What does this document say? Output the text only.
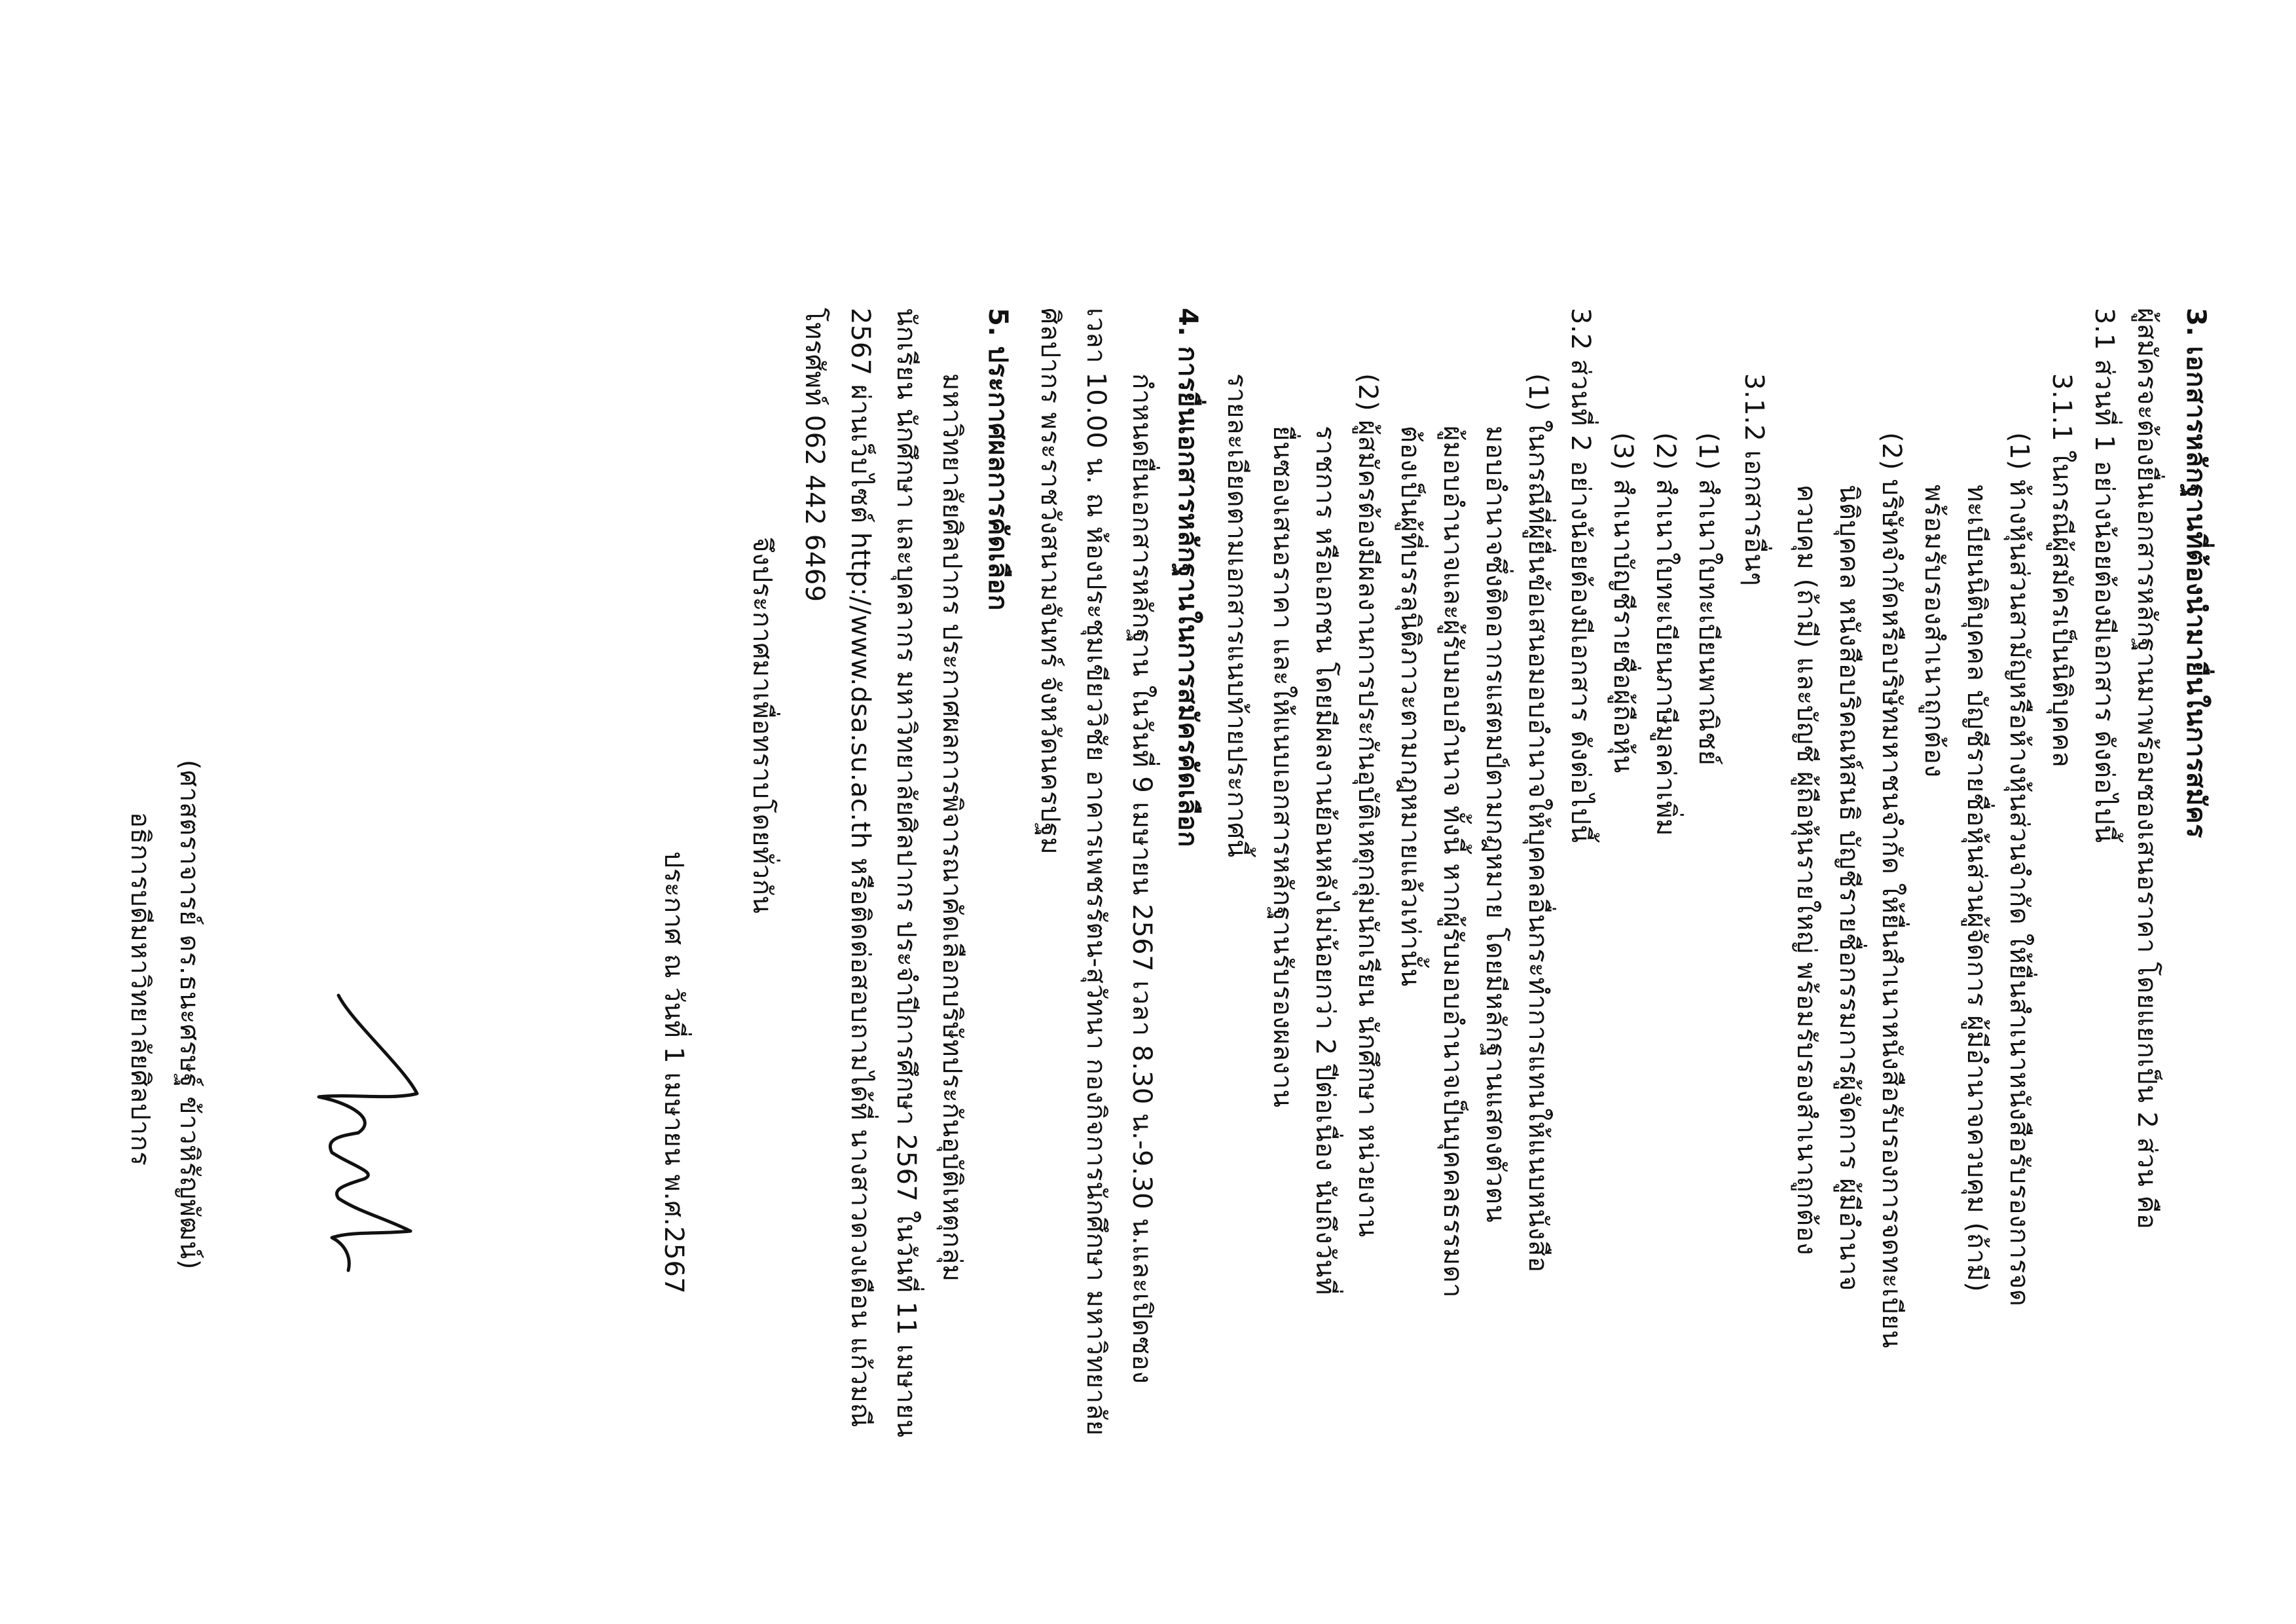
3. เอกสารหลักฐานที่ต้องนำมายื่นในการสมัคร
ผู้สมัครจะต้องยื่นเอกสารหลักฐานมาพร้อมซองเสนอราคา โดยแยกเป็น 2 ส่วน คือ
3.1 ส่วนที่ 1 อย่างน้อยต้องมีเอกสาร ดังต่อไปนี้
3.1.1 ในกรณีผู้สมัครเป็นนิติบุคคล
(1) ห้างหุ้นส่วนสามัญหรือห้างหุ้นส่วนจำกัด ให้ยื่นสำเนาหนังสือรับรองการจด
ทะเบียนนิติบุคคล บัญชีรายชื่อหุ้นส่วนผู้จัดการ ผู้มีอำนาจควบคุม (ถ้ามี)
พร้อมรับรองสำเนาถูกต้อง
(2) บริษัทจำกัดหรือบริษัทมหาชนจำกัด ให้ยื่นสำเนาหนังสือรับรองการจดทะเบียน
นิติบุคคล หนังสือบริคณห์สนธิ บัญชีรายชื่อกรรมการผู้จัดการ ผู้มีอำนาจ
ควบคุม (ถ้ามี) และบัญชี ผู้ถือหุ้นรายใหญ่ พร้อมรับรองสำเนาถูกต้อง
3.1.2 เอกสารอื่นๆ
(1) สำเนาใบทะเบียนพาณิชย์
(2) สำเนาใบทะเบียนภาษีมูลค่าเพิ่ม
(3) สำเนาบัญชีรายชื่อผู้ถือหุ้น
3.2 ส่วนที่ 2 อย่างน้อยต้องมีเอกสาร ดังต่อไปนี้
(1) ในกรณีที่ผู้ยื่นข้อเสนอมอบอำนาจให้บุคคลอื่นกระทำการแทนให้แนบหนังสือ
มอบอำนาจซึ่งติดอากรแสตมป์ตามกฎหมาย โดยมีหลักฐานแสดงตัวตน
ผู้มอบอำนาจและผู้รับมอบอำนาจ ทั้งนี้ หากผู้รับมอบอำนาจเป็นบุคคลธรรมดา
ต้องเป็นผู้ที่บรรลุนิติภาวะตามกฎหมายแล้วเท่านั้น
(2) ผู้สมัครต้องมีผลงานการประกันอุบัติเหตุกลุ่มนักเรียน นักศึกษา หน่วยงาน
ราชการ หรือเอกชน โดยมีผลงานย้อนหลังไม่น้อยกว่า 2 ปีต่อเนื่อง นับถึงวันที่
ยื่นซองเสนอราคา และให้แนบเอกสารหลักฐานรับรองผลงาน
รายละเอียดตามเอกสารแนบท้ายประกาศนี้
4. การยื่นเอกสารหลักฐานในการสมัครคัดเลือก
กำหนดยื่นเอกสารหลักฐาน ในวันที่ 9 เมษายน 2567 เวลา 8.30 น.-9.30 น.และเปิดซอง
เวลา 10.00 น. ณ ห้องประชุมเขียววิชัย อาคารเพชรรัตน-สุวัทนา กองกิจการนักศึกษา มหาวิทยาลัย
ศิลปากร พระราชวังสนามจันทร์ จังหวัดนครปฐม
5. ประกาศผลการคัดเลือก
มหาวิทยาลัยศิลปากร ประกาศผลการพิจารณาคัดเลือกบริษัทประกันอุบัติเหตุกลุ่ม
นักเรียน นักศึกษา และบุคลากร มหาวิทยาลัยศิลปากร ประจำปีการศึกษา 2567 ในวันที่ 11 เมษายน
2567 ผ่านเว็บไซต์ http://www.dsa.su.ac.th หรือติดต่อสอบถามได้ที่ นางสาวดวงเดือน แก้วมณี
โทรศัพท์ 062 442 6469
จึงประกาศมาเพื่อทราบโดยทั่วกัน
ประกาศ ณ วันที่ 1 เมษายน พ.ศ.2567
(ศาสตราจารย์ ดร.ธนะศรษฐ์ ข้าวหิรัญพัฒน์)
อธิการบดีมหาวิทยาลัยศิลปากร
